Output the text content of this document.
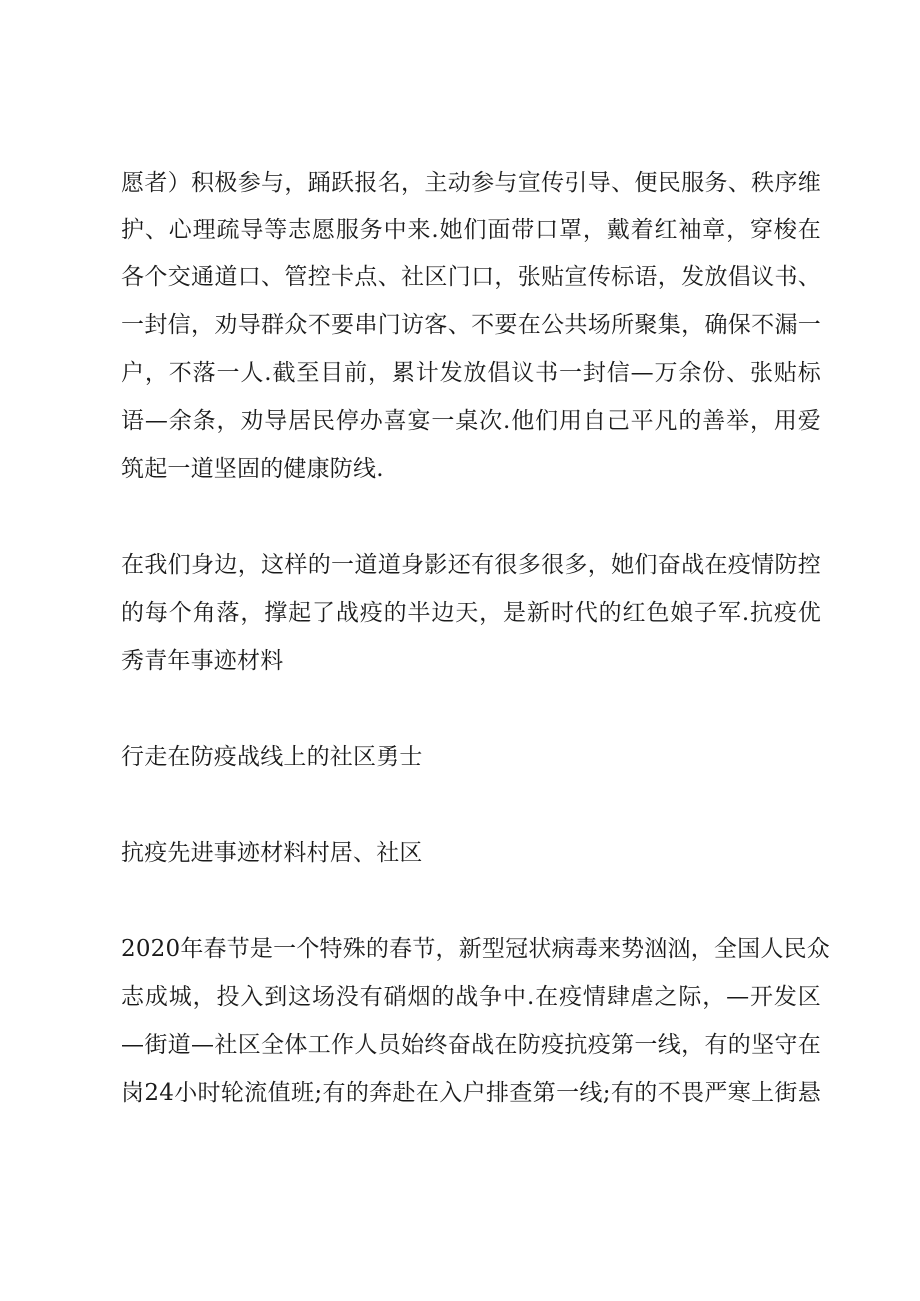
愿者）积极参与，踊跃报名，主动参与宣传引导、便民服务、秩序维
护、心理疏导等志愿服务中来.她们面带口罩，戴着红袖章，穿梭在
各个交通道口、管控卡点、社区门口，张贴宣传标语，发放倡议书、
一封信，劝导群众不要串门访客、不要在公共场所聚集，确保不漏一
户，不落一人.截至目前，累计发放倡议书一封信—万余份、张贴标
语—余条，劝导居民停办喜宴一桌次.他们用自己平凡的善举，用爱
筑起一道坚固的健康防线.
在我们身边，这样的一道道身影还有很多很多，她们奋战在疫情防控
的每个角落，撑起了战疫的半边天，是新时代的红色娘子军.抗疫优
秀青年事迹材料
行走在防疫战线上的社区勇士
抗疫先进事迹材料村居、社区
2020年春节是一个特殊的春节，新型冠状病毒来势汹汹，全国人民众
志成城，投入到这场没有硝烟的战争中.在疫情肆虐之际，—开发区
—街道—社区全体工作人员始终奋战在防疫抗疫第一线，有的坚守在
岗24小时轮流值班;有的奔赴在入户排查第一线;有的不畏严寒上街悬
